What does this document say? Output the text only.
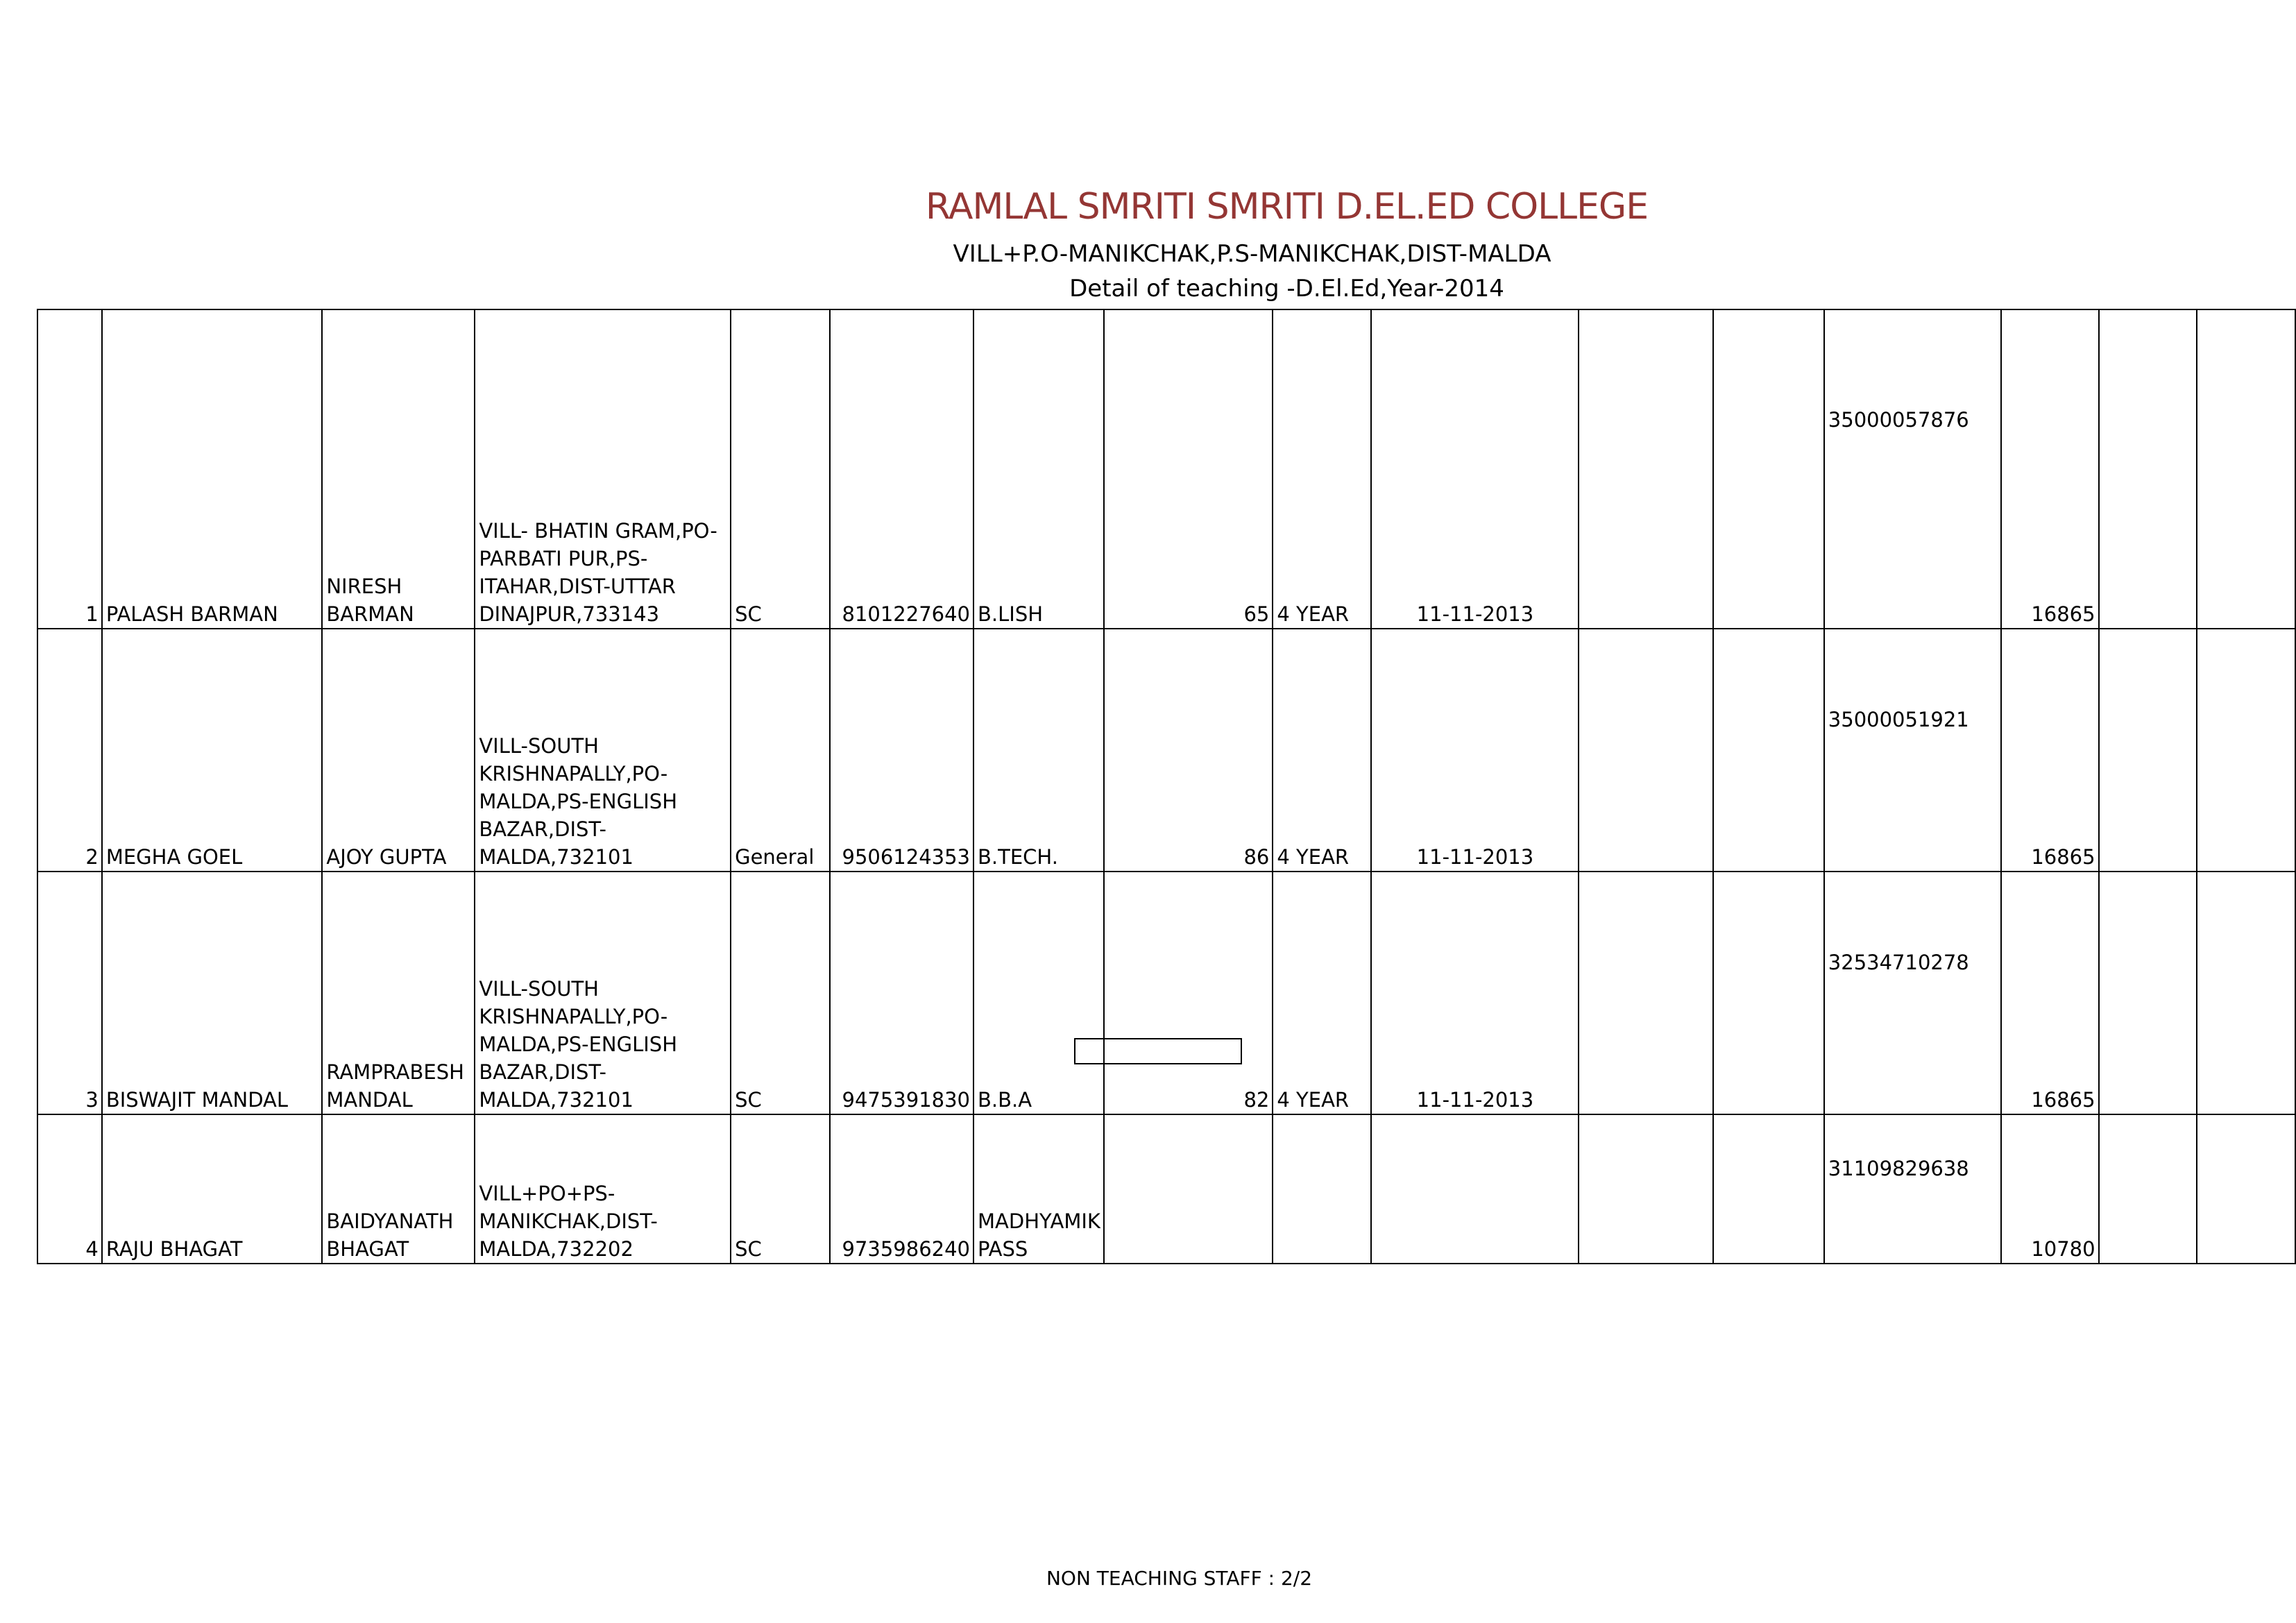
RAMLAL SMRITI SMRITI D.EL.ED COLLEGE
VILL+P.O-MANIKCHAK,P.S-MANIKCHAK,DIST-MALDA
Detail of teaching -D.El.Ed,Year-2014
1	PALASH BARMAN	NIRESH BARMAN	VILL- BHATIN GRAM,PO-PARBATI PUR,PS-ITAHAR,DIST-UTTAR DINAJPUR,733143	SC	8101227640	B.LISH	65	4 YEAR	11-11-2013			35000057876	16865		
2	MEGHA GOEL	AJOY GUPTA	VILL-SOUTH KRISHNAPALLY,PO-MALDA,PS-ENGLISH BAZAR,DIST-MALDA,732101	General	9506124353	B.TECH.	86	4 YEAR	11-11-2013			35000051921	16865		
3	BISWAJIT MANDAL	RAMPRABESH MANDAL	VILL-SOUTH KRISHNAPALLY,PO-MALDA,PS-ENGLISH BAZAR,DIST-MALDA,732101	SC	9475391830	B.B.A	82	4 YEAR	11-11-2013			32534710278	16865		
4	RAJU BHAGAT	BAIDYANATH BHAGAT	VILL+PO+PS-MANIKCHAK,DIST-MALDA,732202	SC	9735986240	MADHYAMIK PASS						31109829638	10780		
NON TEACHING STAFF : 2/2
